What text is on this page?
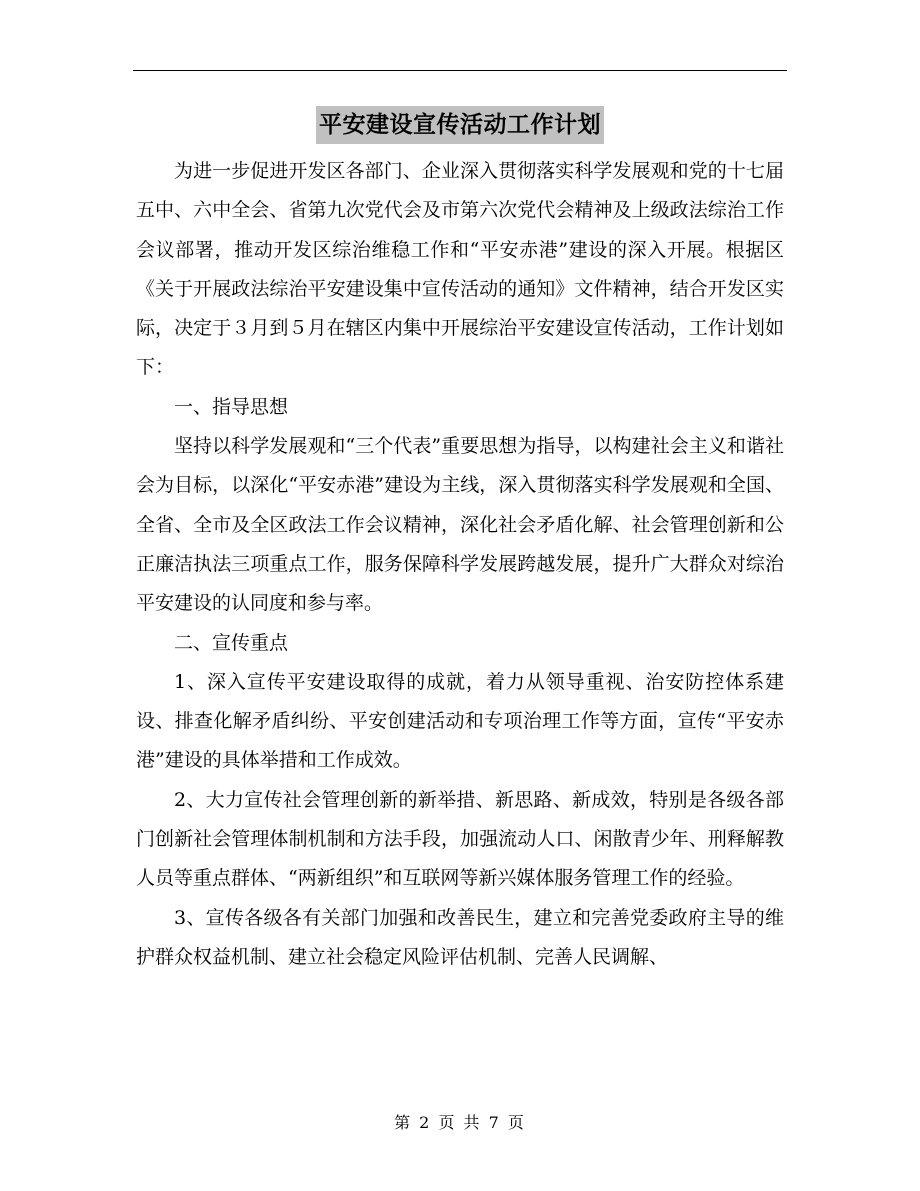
平安建设宣传活动工作计划

为进一步促进开发区各部门、企业深入贯彻落实科学发展观和党的十七届五中、六中全会、省第九次党代会及市第六次党代会精神及上级政法综治工作会议部署，推动开发区综治维稳工作和“平安赤港”建设的深入开展。根据区《关于开展政法综治平安建设集中宣传活动的通知》文件精神，结合开发区实际，决定于３月到５月在辖区内集中开展综治平安建设宣传活动，工作计划如下：

一、指导思想

坚持以科学发展观和“三个代表”重要思想为指导，以构建社会主义和谐社会为目标，以深化“平安赤港”建设为主线，深入贯彻落实科学发展观和全国、全省、全市及全区政法工作会议精神，深化社会矛盾化解、社会管理创新和公正廉洁执法三项重点工作，服务保障科学发展跨越发展，提升广大群众对综治平安建设的认同度和参与率。

二、宣传重点

1、深入宣传平安建设取得的成就，着力从领导重视、治安防控体系建设、排查化解矛盾纠纷、平安创建活动和专项治理工作等方面，宣传“平安赤港”建设的具体举措和工作成效。

2、大力宣传社会管理创新的新举措、新思路、新成效，特别是各级各部门创新社会管理体制机制和方法手段，加强流动人口、闲散青少年、刑释解教人员等重点群体、“两新组织”和互联网等新兴媒体服务管理工作的经验。

3、宣传各级各有关部门加强和改善民生，建立和完善党委政府主导的维护群众权益机制、建立社会稳定风险评估机制、完善人民调解、

第 2 页 共 7 页
